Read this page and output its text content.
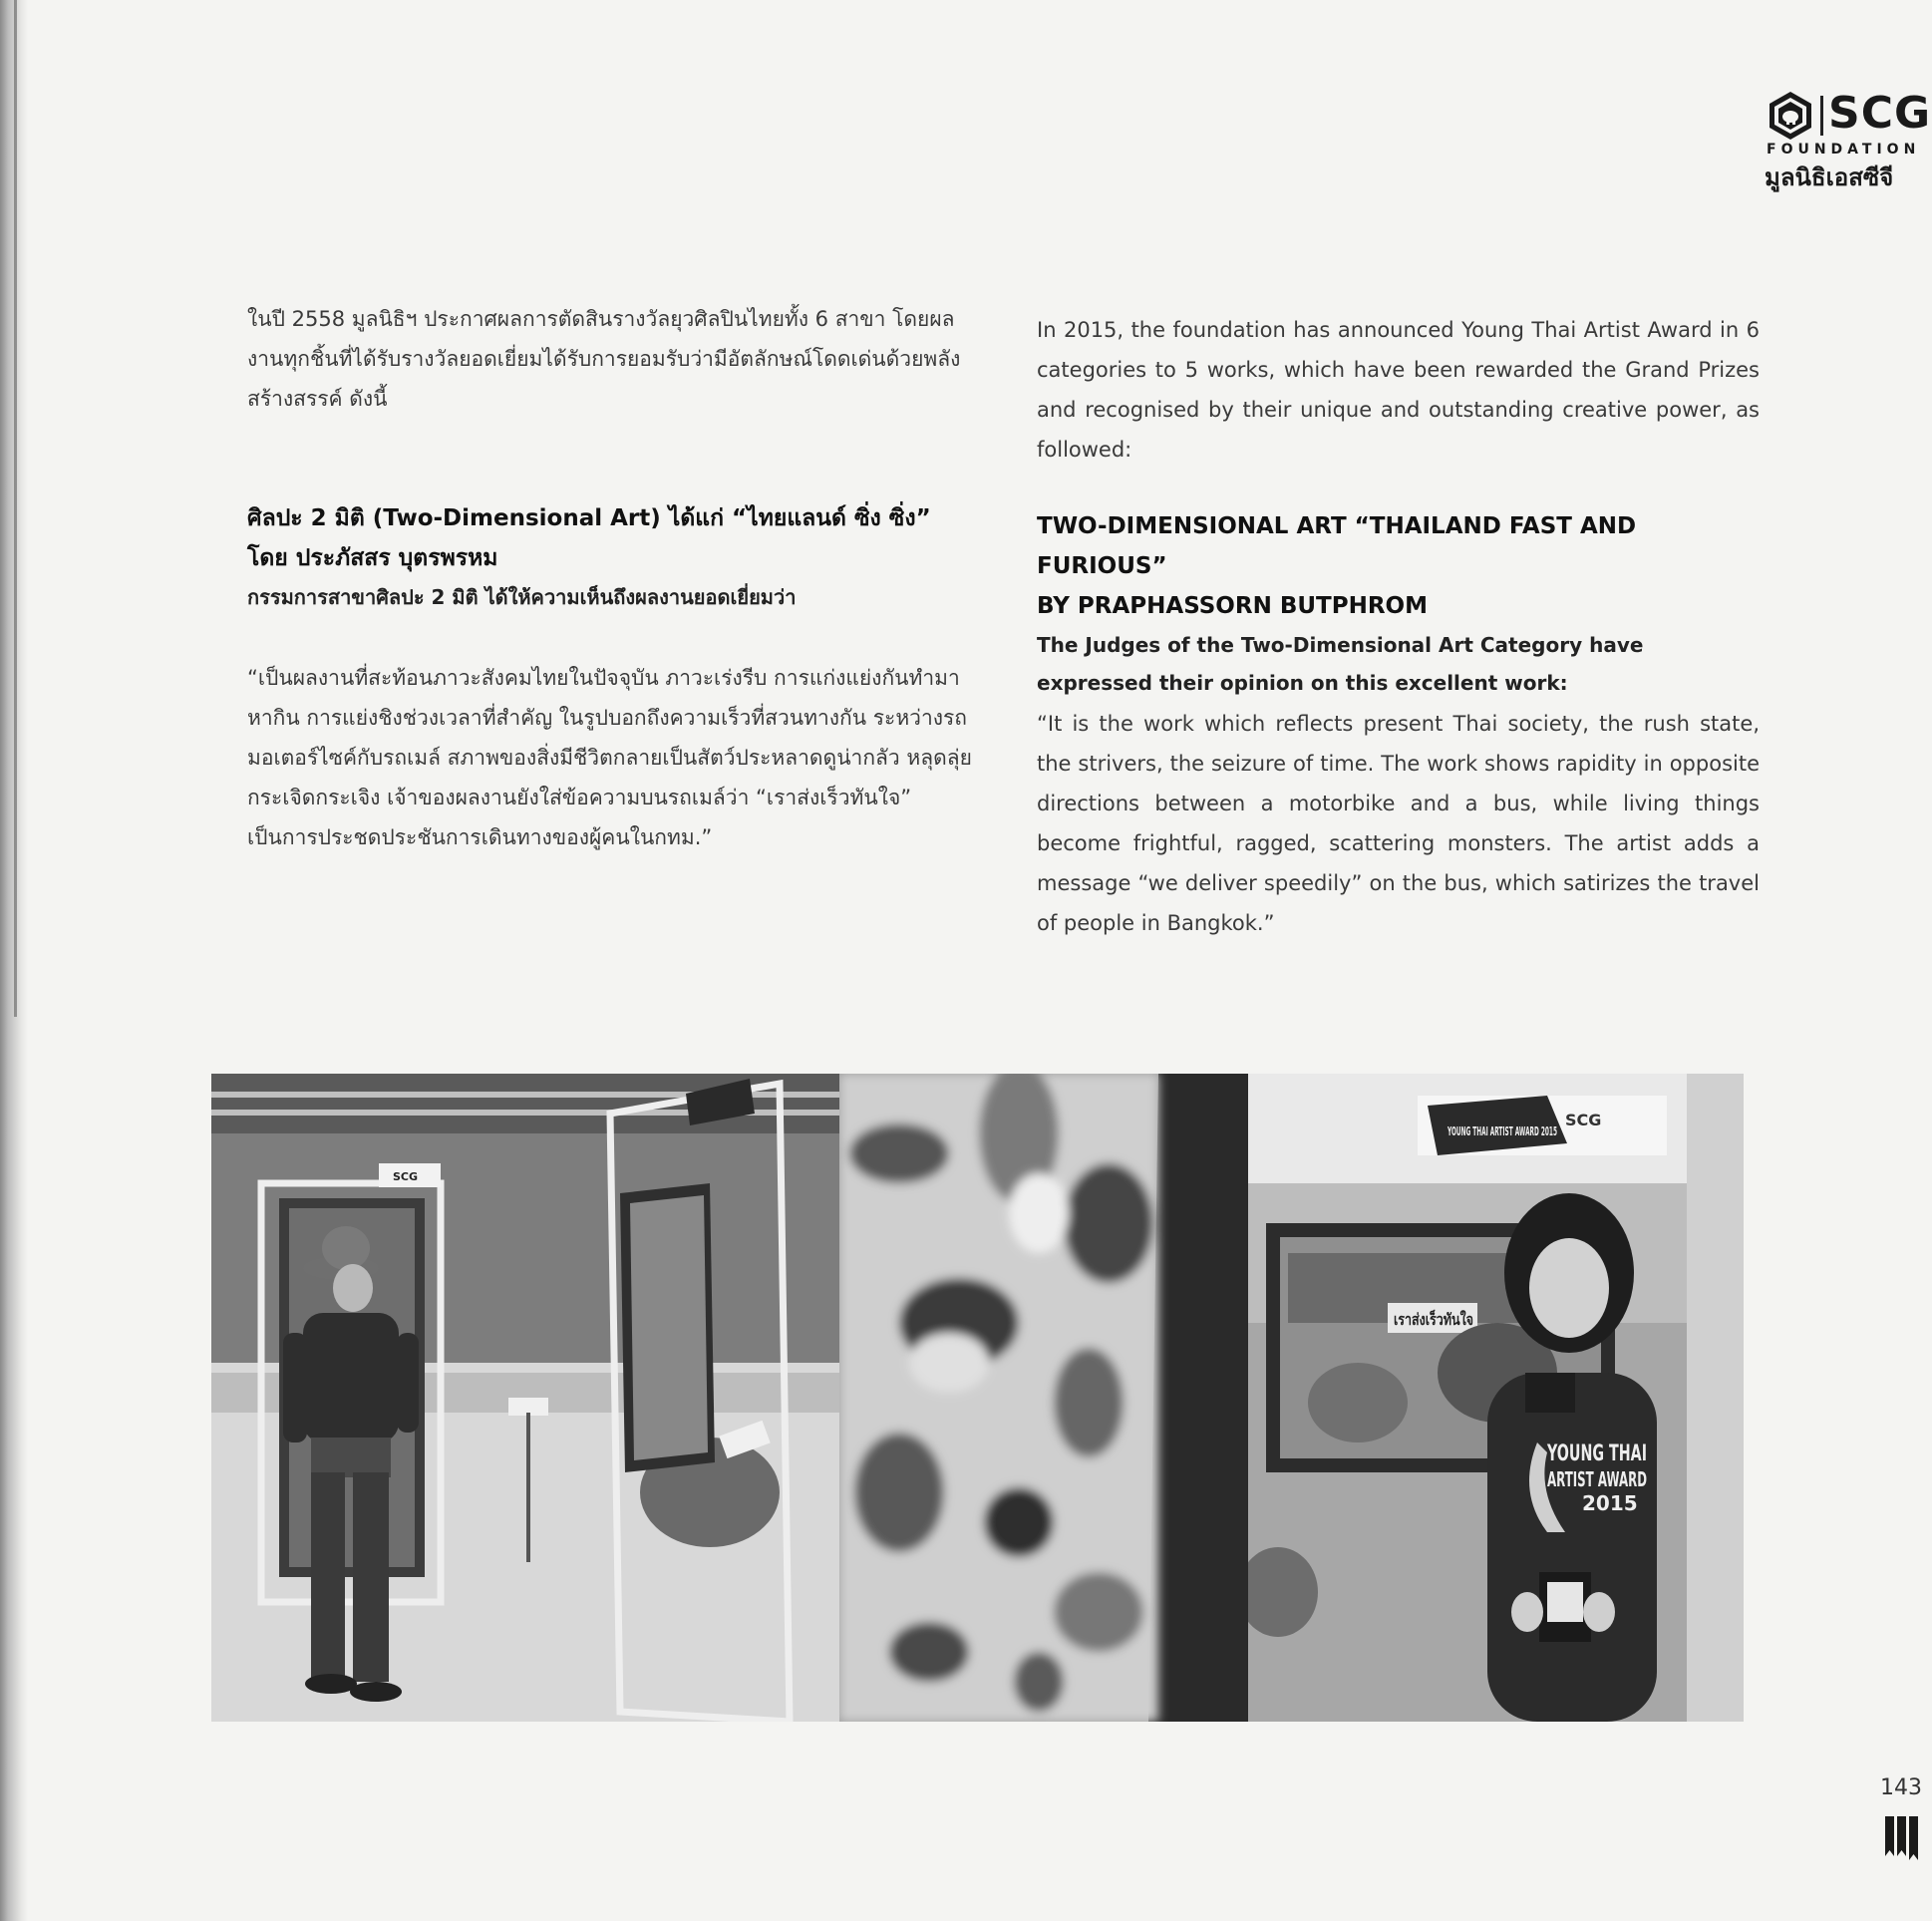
SCG
FOUNDATION
มูลนิธิเอสซีจี

ในปี 2558 มูลนิธิฯ ประกาศผลการตัดสินรางวัลยุวศิลปินไทยทั้ง 6 สาขา โดยผลงานทุกชิ้นที่ได้รับรางวัลยอดเยี่ยมได้รับการยอมรับว่ามีอัตลักษณ์โดดเด่นด้วยพลังสร้างสรรค์ ดังนี้

ศิลปะ 2 มิติ (Two-Dimensional Art) ได้แก่ “ไทยแลนด์ ซิ่ง ซิ่ง”

โดย ประภัสสร บุตรพรหม

กรรมการสาขาศิลปะ 2 มิติ ได้ให้ความเห็นถึงผลงานยอดเยี่ยมว่า

“เป็นผลงานที่สะท้อนภาวะสังคมไทยในปัจจุบัน ภาวะเร่งรีบ การแก่งแย่งกันทำมาหากิน การแย่งชิงช่วงเวลาที่สำคัญ ในรูปบอกถึงความเร็วที่สวนทางกัน ระหว่างรถมอเตอร์ไซค์กับรถเมล์ สภาพของสิ่งมีชีวิตกลายเป็นสัตว์ประหลาดดูน่ากลัว หลุดลุ่ย กระเจิดกระเจิง เจ้าของผลงานยังใส่ข้อความบนรถเมล์ว่า “เราส่งเร็วทันใจ” เป็นการประชดประชันการเดินทางของผู้คนในกทม.”

In 2015, the foundation has announced Young Thai Artist Award in 6 categories to 5 works, which have been rewarded the Grand Prizes and recognised by their unique and outstanding creative power, as followed:

TWO-DIMENSIONAL ART “THAILAND FAST AND FURIOUS”

BY PRAPHASSORN BUTPHROM

The Judges of the Two-Dimensional Art Category have expressed their opinion on this excellent work:

“It is the work which reflects present Thai society, the rush state, the strivers, the seizure of time. The work shows rapidity in opposite directions between a motorbike and a bus, while living things become frightful, ragged, scattering monsters. The artist adds a message “we deliver speedily” on the bus, which satirizes the travel of people in Bangkok.”

SCG
YOUNG THAI ARTIST AWARD 2015
SCG
เราส่งเร็วทันใจ
YOUNG THAI
ARTIST AWARD
2015
143
